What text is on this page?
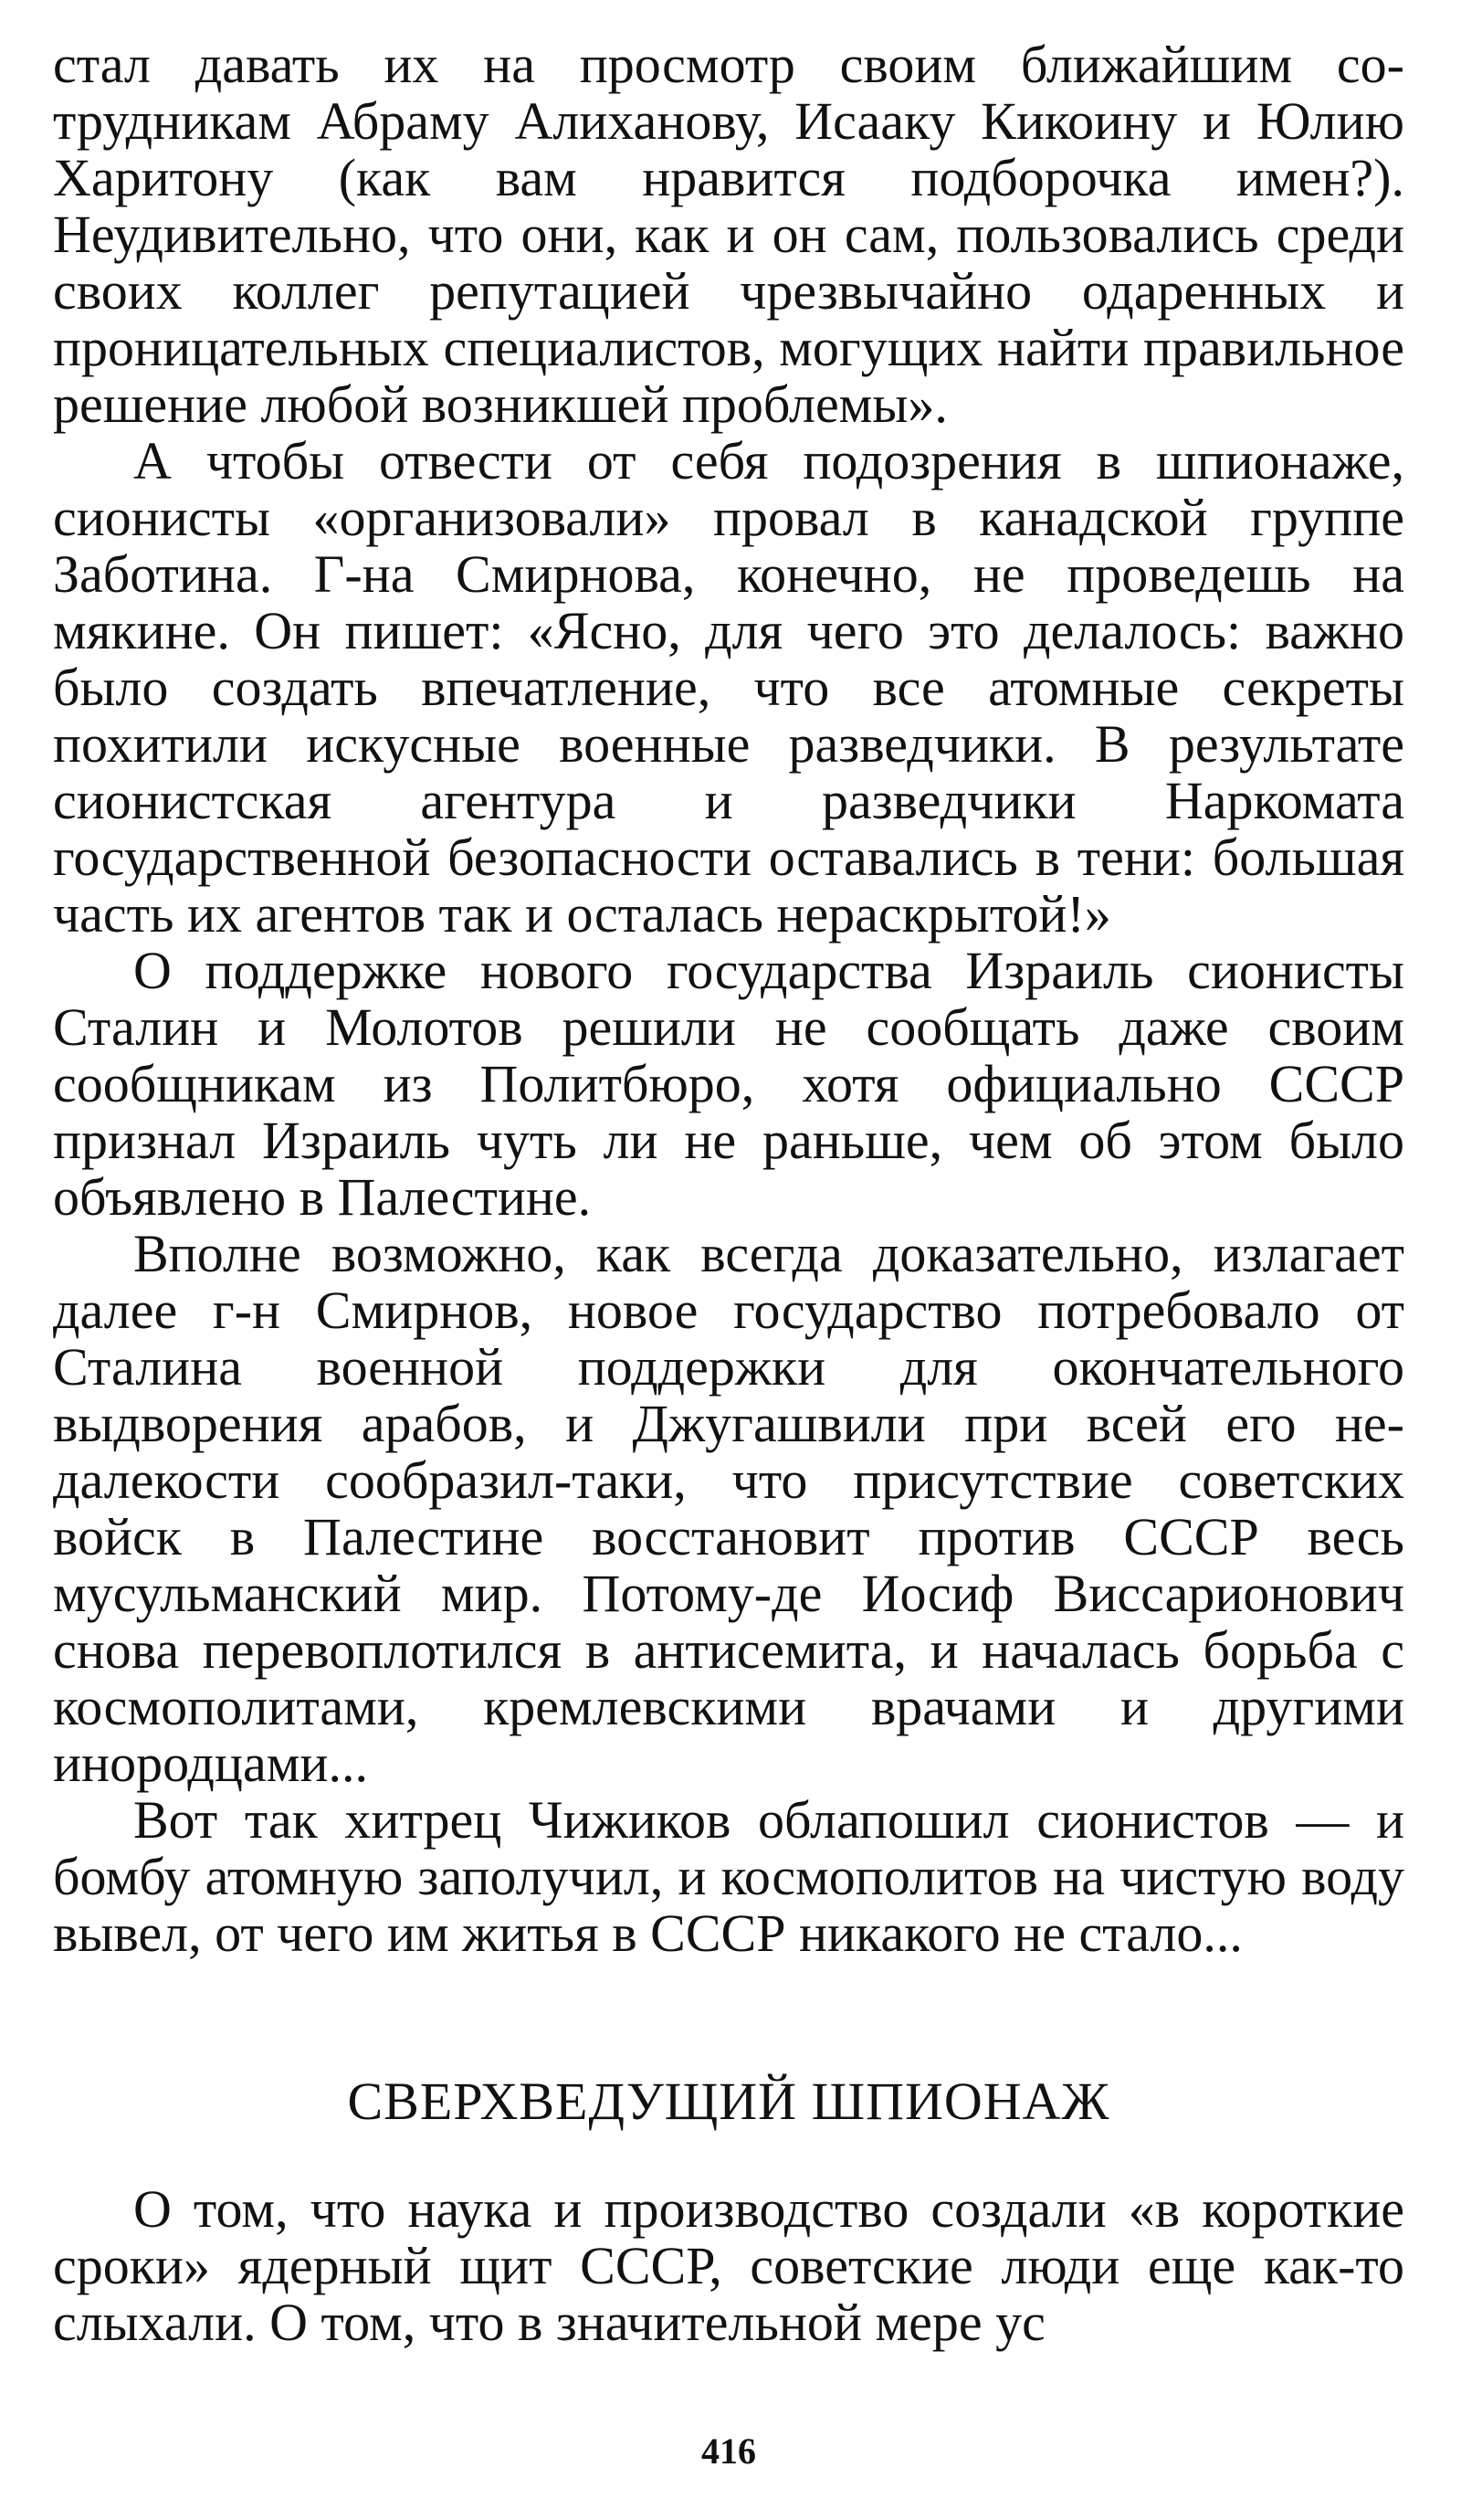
стал давать их на просмотр своим ближайшим сотрудникам Абраму Алиханову, Исааку Кикоину и Юлию Харитону (как вам нравится подборочка имен?). Неудивительно, что они, как и он сам, пользовались среди своих коллег репутацией чрезвычайно одаренных и проницательных специалистов, могущих найти правильное решение любой возникшей проблемы».

А чтобы отвести от себя подозрения в шпионаже, сионисты «организовали» провал в канадской группе Заботина. Г-на Смирнова, конечно, не проведешь на мякине. Он пишет: «Ясно, для чего это делалось: важно было создать впечатление, что все атомные секреты похитили искусные военные разведчики. В результате сионистская агентура и разведчики Наркомата государственной безопасности оставались в тени: большая часть их агентов так и осталась нераскрытой!»

О поддержке нового государства Израиль сионисты Сталин и Молотов решили не сообщать даже своим сообщникам из Политбюро, хотя официально СССР признал Израиль чуть ли не раньше, чем об этом было объявлено в Палестине.

Вполне возможно, как всегда доказательно, излагает далее г-н Смирнов, новое государство потребовало от Сталина военной поддержки для окончательного выдворения арабов, и Джугашвили при всей его недалекости сообразил-таки, что присутствие советских войск в Палестине восстановит против СССР весь мусульманский мир. Потому-де Иосиф Виссарионович снова перевоплотился в антисемита, и началась борьба с космополитами, кремлевскими врачами и другими инородцами...

Вот так хитрец Чижиков облапошил сионистов — и бомбу атомную заполучил, и космополитов на чистую воду вывел, от чего им житья в СССР никакого не стало...

СВЕРХВЕДУЩИЙ ШПИОНАЖ

О том, что наука и производство создали «в короткие сроки» ядерный щит СССР, советские люди еще как-то слыхали. О том, что в значительной мере ус

416
